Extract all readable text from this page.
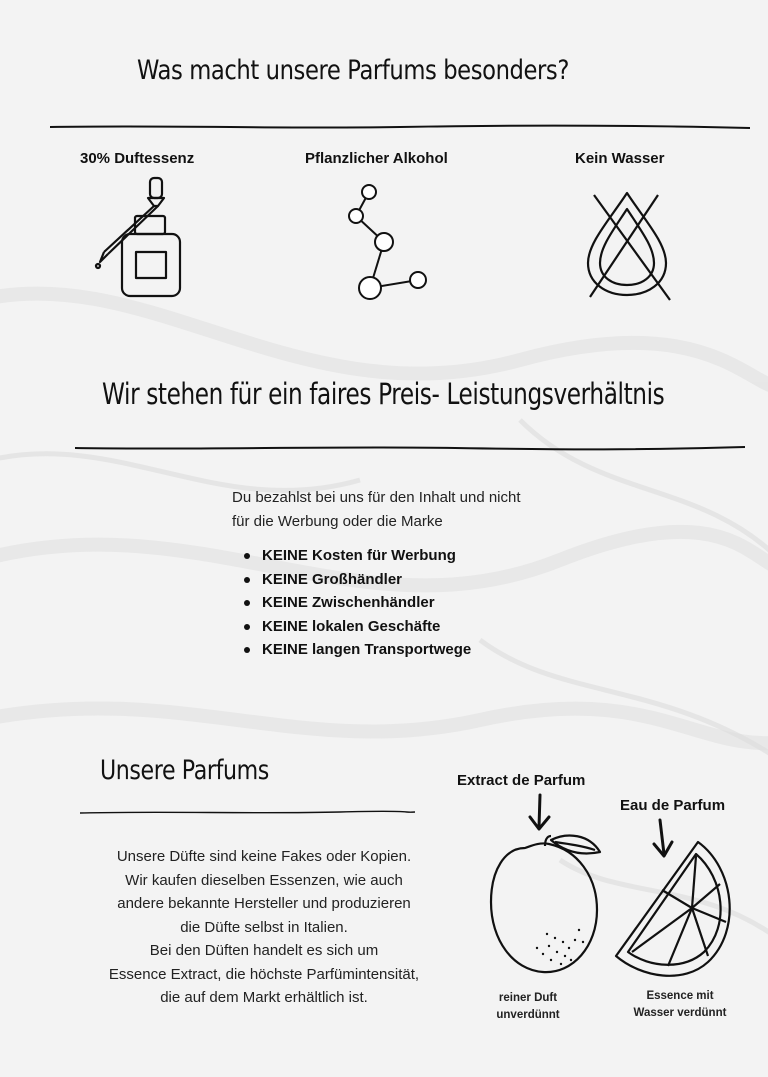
Was macht unsere Parfums besonders?
30% Duftessenz	Pflanzlicher Alkohol	Kein Wasser
Wir stehen für ein faires Preis- Leistungsverhältnis
Du bezahlst bei uns für den Inhalt und nicht
für die Werbung oder die Marke
KEINE Kosten für Werbung
KEINE Großhändler
KEINE Zwischenhändler
KEINE lokalen Geschäfte
KEINE langen Transportwege
Unsere Parfums
Unsere Düfte sind keine Fakes oder Kopien.
Wir kaufen dieselben Essenzen, wie auch
andere bekannte Hersteller und produzieren
die Düfte selbst in Italien.
Bei den Düften handelt es sich um
Essence Extract, die höchste Parfümintensität,
die auf dem Markt erhältlich ist.
Extract de Parfum
Eau de Parfum
reiner Duft
unverdünnt
Essence mit
Wasser verdünnt
